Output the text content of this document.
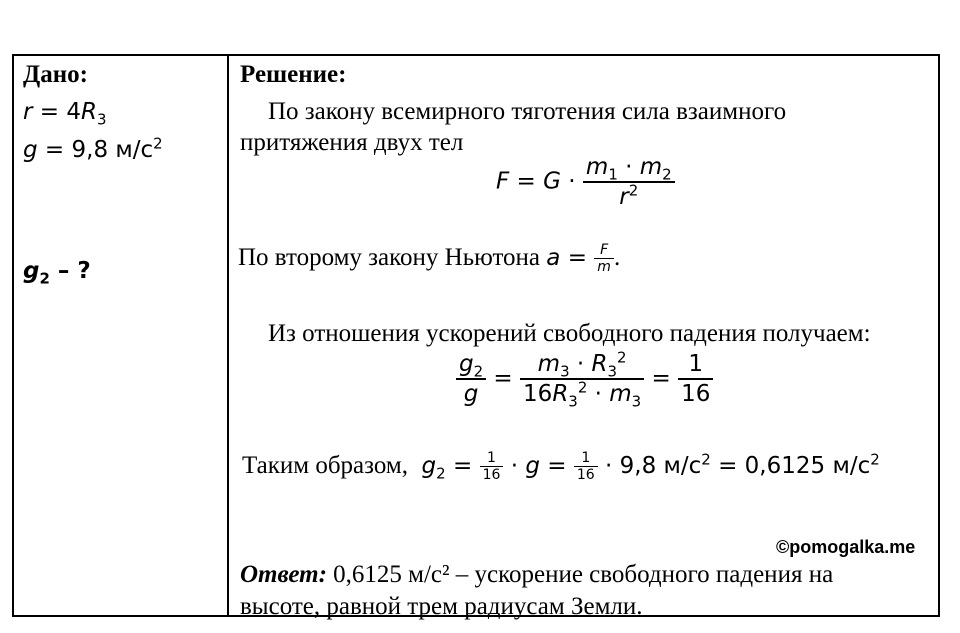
Дано:
$r = 4R_3$
g = 9,8 $м/с^2$
$g_2$ – ?
Решение:
По закону всемирного тяготения сила взаимного
притяжения двух тел
$F = G \cdot \frac{m_1 \cdot m_2}{r^2}$
По второму закону Ньютона $a = \frac{F}{m}$ .
Из отношения ускорений свободного падения получаем:
$\frac{g_2}{g} = \frac{m_3 \cdot R_3^2}{16R_3^2 \cdot m_3} = \frac{1}{16}$
Таким образом, $g_2 = \frac{1}{16} \cdot g = \frac{1}{16} \cdot 9,8$ $м/с^2 = 0,6125$ $м/с^2$
©pomogalka.me
Ответ: 0,6125 м/с² – ускорение свободного падения на
высоте, равной трем радиусам Земли.
